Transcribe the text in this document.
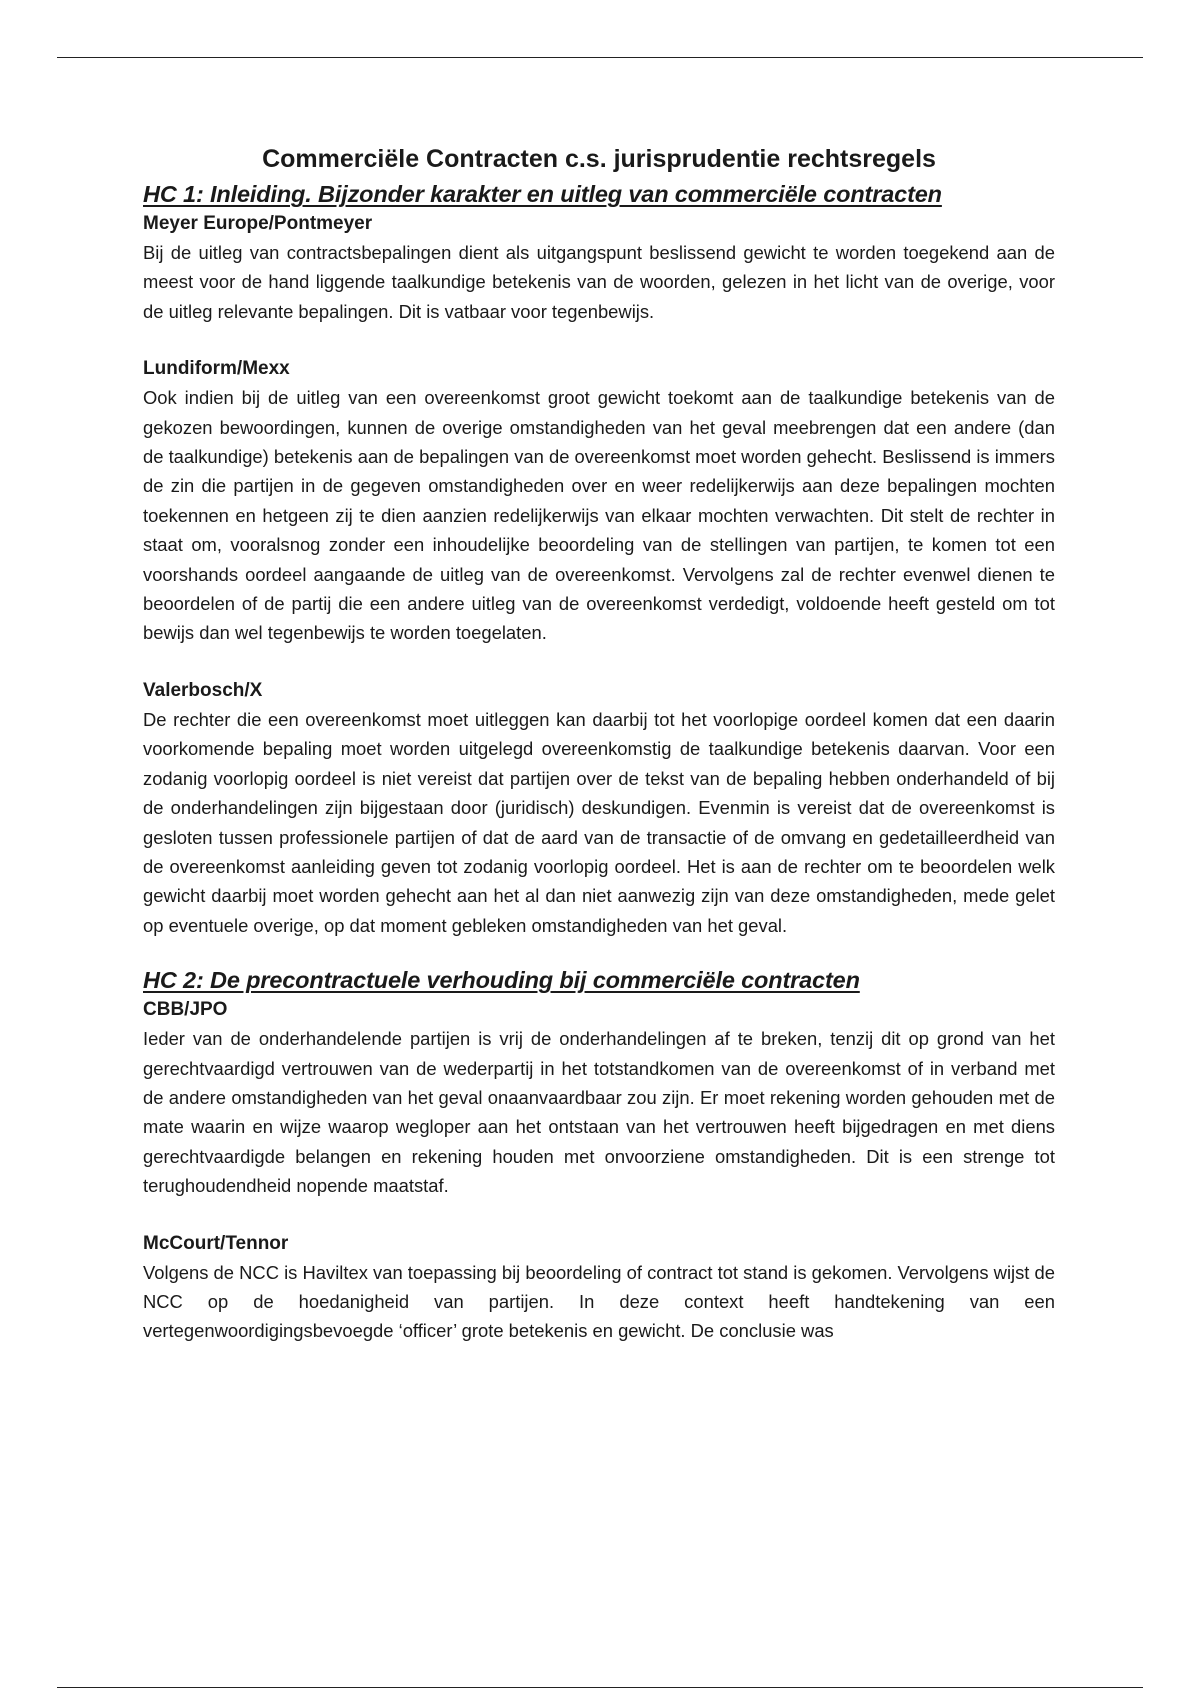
Commerciële Contracten c.s. jurisprudentie rechtsregels
HC 1: Inleiding. Bijzonder karakter en uitleg van commerciële contracten
Meyer Europe/Pontmeyer

Bij de uitleg van contractsbepalingen dient als uitgangspunt beslissend gewicht te worden toegekend aan de meest voor de hand liggende taalkundige betekenis van de woorden, gelezen in het licht van de overige, voor de uitleg relevante bepalingen. Dit is vatbaar voor tegenbewijs.

Lundiform/Mexx

Ook indien bij de uitleg van een overeenkomst groot gewicht toekomt aan de taalkundige betekenis van de gekozen bewoordingen, kunnen de overige omstandigheden van het geval meebrengen dat een andere (dan de taalkundige) betekenis aan de bepalingen van de overeenkomst moet worden gehecht. Beslissend is immers de zin die partijen in de gegeven omstandigheden over en weer redelijkerwijs aan deze bepalingen mochten toekennen en hetgeen zij te dien aanzien redelijkerwijs van elkaar mochten verwachten. Dit stelt de rechter in staat om, vooralsnog zonder een inhoudelijke beoordeling van de stellingen van partijen, te komen tot een voorshands oordeel aangaande de uitleg van de overeenkomst. Vervolgens zal de rechter evenwel dienen te beoordelen of de partij die een andere uitleg van de overeenkomst verdedigt, voldoende heeft gesteld om tot bewijs dan wel tegenbewijs te worden toegelaten.

Valerbosch/X

De rechter die een overeenkomst moet uitleggen kan daarbij tot het voorlopige oordeel komen dat een daarin voorkomende bepaling moet worden uitgelegd overeenkomstig de taalkundige betekenis daarvan. Voor een zodanig voorlopig oordeel is niet vereist dat partijen over de tekst van de bepaling hebben onderhandeld of bij de onderhandelingen zijn bijgestaan door (juridisch) deskundigen. Evenmin is vereist dat de overeenkomst is gesloten tussen professionele partijen of dat de aard van de transactie of de omvang en gedetailleerdheid van de overeenkomst aanleiding geven tot zodanig voorlopig oordeel. Het is aan de rechter om te beoordelen welk gewicht daarbij moet worden gehecht aan het al dan niet aanwezig zijn van deze omstandigheden, mede gelet op eventuele overige, op dat moment gebleken omstandigheden van het geval.

HC 2: De precontractuele verhouding bij commerciële contracten
CBB/JPO

Ieder van de onderhandelende partijen is vrij de onderhandelingen af te breken, tenzij dit op grond van het gerechtvaardigd vertrouwen van de wederpartij in het totstandkomen van de overeenkomst of in verband met de andere omstandigheden van het geval onaanvaardbaar zou zijn. Er moet rekening worden gehouden met de mate waarin en wijze waarop wegloper aan het ontstaan van het vertrouwen heeft bijgedragen en met diens gerechtvaardigde belangen en rekening houden met onvoorziene omstandigheden. Dit is een strenge tot terughoudendheid nopende maatstaf.

McCourt/Tennor

Volgens de NCC is Haviltex van toepassing bij beoordeling of contract tot stand is gekomen. Vervolgens wijst de NCC op de hoedanigheid van partijen. In deze context heeft handtekening van een vertegenwoordigingsbevoegde ‘officer’ grote betekenis en gewicht. De conclusie was
